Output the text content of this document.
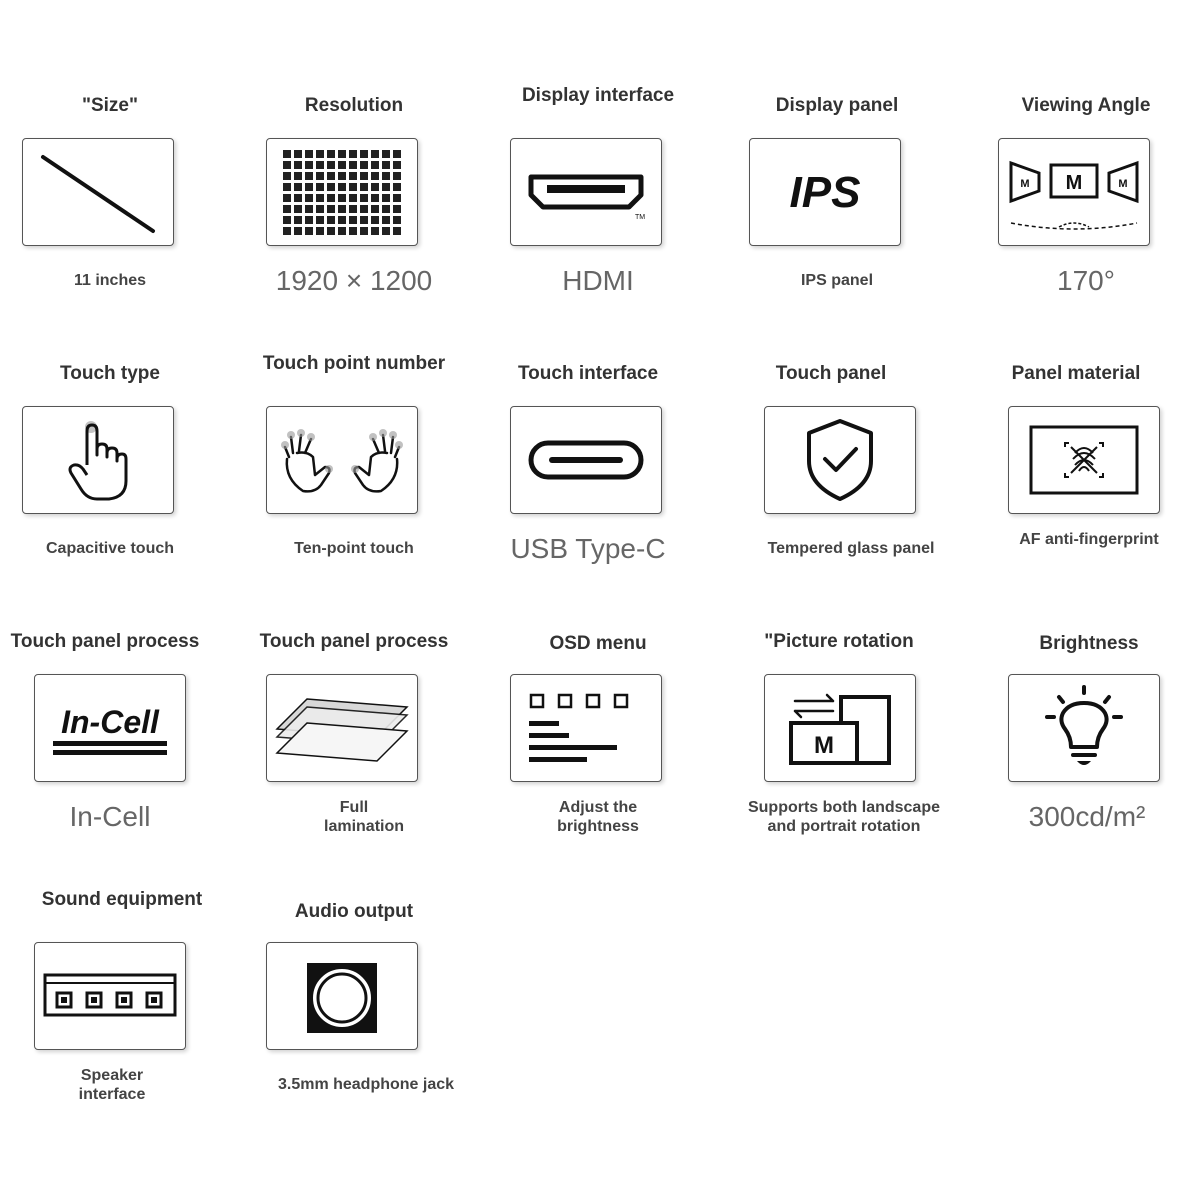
"Size"
11 inches
Resolution
1920 × 1200
Display interface
TM
HDMI
Display panel
IPS
IPS panel
Viewing Angle
M
M	M
170°
Touch type
Capacitive touch
Touch point number
Ten-point touch
Touch interface
USB Type-C
Touch panel
Tempered glass panel
Panel material
AF anti-fingerprint
Touch panel process
In-Cell
In-Cell
Touch panel process
Full lamination
OSD menu
Adjust the brightness
"Picture rotation
M
Supports both landscape and portrait rotation
Brightness
300cd/m²
Sound equipment
Speaker interface
Audio output
3.5mm headphone jack
